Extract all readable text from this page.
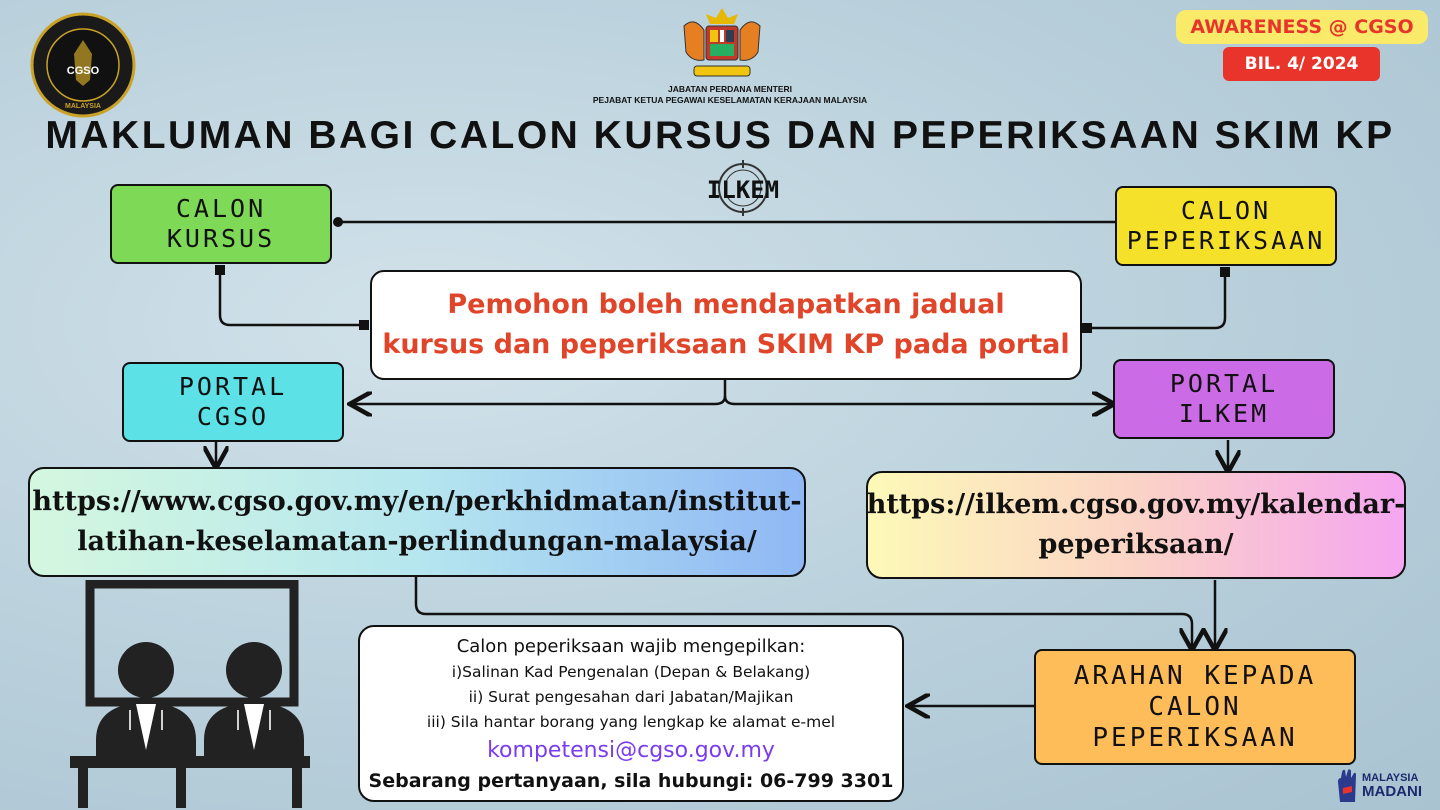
CGSO
MALAYSIA
JABATAN PERDANA MENTERI
PEJABAT KETUA PEGAWAI KESELAMATAN KERAJAAN MALAYSIA
AWARENESS @ CGSO
BIL. 4/ 2024
MAKLUMAN BAGI CALON KURSUS DAN PEPERIKSAAN SKIM KP
ILKEM
CALON
KURSUS
CALON
PEPERIKSAAN
Pemohon boleh mendapatkan jadual
kursus dan peperiksaan SKIM KP pada portal
PORTAL
CGSO
PORTAL
ILKEM
https://www.cgso.gov.my/en/perkhidmatan/institut-
latihan-keselamatan-perlindungan-malaysia/
https://ilkem.cgso.gov.my/kalendar-
peperiksaan/
ARAHAN KEPADA
CALON
PEPERIKSAAN
Calon peperiksaan wajib mengepilkan:
i)Salinan Kad Pengenalan (Depan & Belakang)
ii) Surat pengesahan dari Jabatan/Majikan
iii) Sila hantar borang yang lengkap ke alamat e-mel
kompetensi@cgso.gov.my
Sebarang pertanyaan, sila hubungi: 06-799 3301	MALAYSIA
MADANI
